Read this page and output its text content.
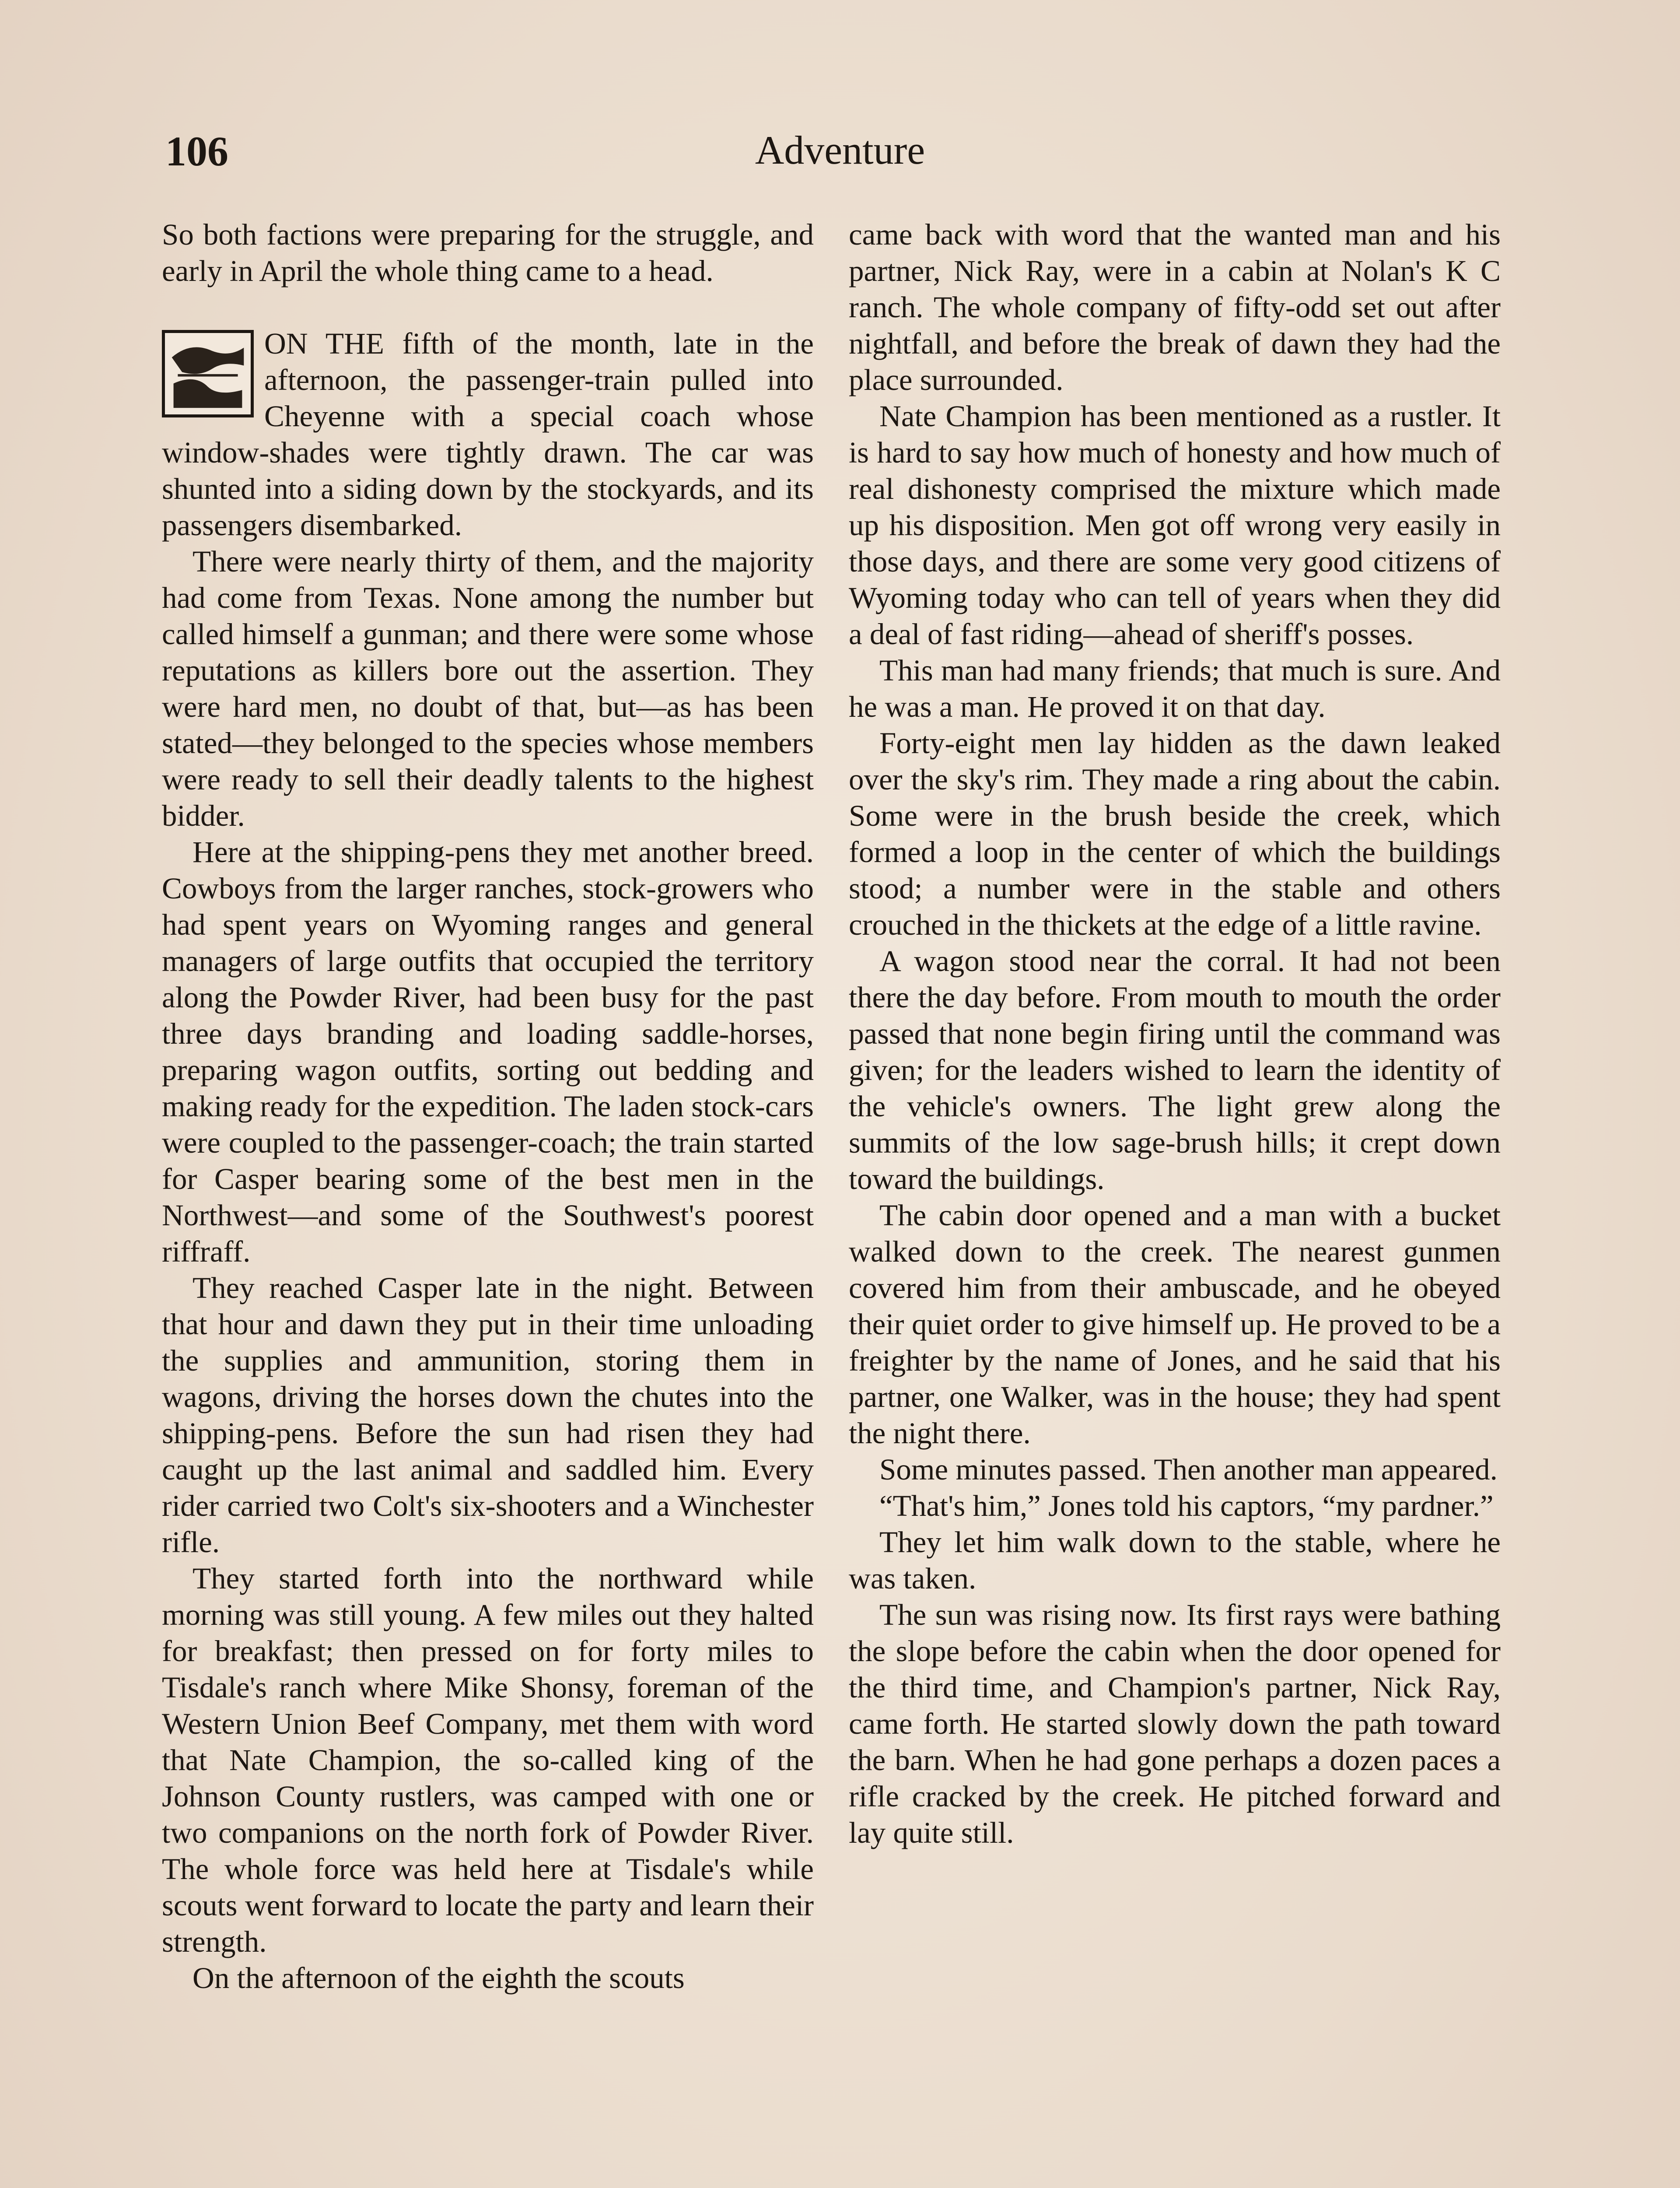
106	Adventure

So both factions were preparing for the struggle, and early in April the whole thing came to a head.

ON THE fifth of the month, late in the afternoon, the passenger-train pulled into Cheyenne with a special coach whose window-shades were tightly drawn. The car was shunted into a siding down by the stockyards, and its passengers disembarked.

There were nearly thirty of them, and the majority had come from Texas. None among the number but called himself a gunman; and there were some whose reputations as killers bore out the assertion. They were hard men, no doubt of that, but—as has been stated—they belonged to the species whose members were ready to sell their deadly talents to the highest bidder.

Here at the shipping-pens they met another breed. Cowboys from the larger ranches, stock-growers who had spent years on Wyoming ranges and general managers of large outfits that occupied the territory along the Powder River, had been busy for the past three days branding and loading saddle-horses, preparing wagon outfits, sorting out bedding and making ready for the expedition. The laden stock-cars were coupled to the passenger-coach; the train started for Casper bearing some of the best men in the Northwest—and some of the Southwest's poorest riffraff.

They reached Casper late in the night. Between that hour and dawn they put in their time unloading the supplies and ammunition, storing them in wagons, driving the horses down the chutes into the shipping-pens. Before the sun had risen they had caught up the last animal and saddled him. Every rider carried two Colt's six-shooters and a Winchester rifle.

They started forth into the northward while morning was still young. A few miles out they halted for breakfast; then pressed on for forty miles to Tisdale's ranch where Mike Shonsy, foreman of the Western Union Beef Company, met them with word that Nate Champion, the so-called king of the Johnson County rustlers, was camped with one or two companions on the north fork of Powder River. The whole force was held here at Tisdale's while scouts went forward to locate the party and learn their strength.

On the afternoon of the eighth the scouts

came back with word that the wanted man and his partner, Nick Ray, were in a cabin at Nolan's K C ranch. The whole company of fifty-odd set out after nightfall, and before the break of dawn they had the place surrounded.

Nate Champion has been mentioned as a rustler. It is hard to say how much of honesty and how much of real dishonesty comprised the mixture which made up his disposition. Men got off wrong very easily in those days, and there are some very good citizens of Wyoming today who can tell of years when they did a deal of fast riding—ahead of sheriff's posses.

This man had many friends; that much is sure. And he was a man. He proved it on that day.

Forty-eight men lay hidden as the dawn leaked over the sky's rim. They made a ring about the cabin. Some were in the brush beside the creek, which formed a loop in the center of which the buildings stood; a number were in the stable and others crouched in the thickets at the edge of a little ravine.

A wagon stood near the corral. It had not been there the day before. From mouth to mouth the order passed that none begin firing until the command was given; for the leaders wished to learn the identity of the vehicle's owners. The light grew along the summits of the low sage-brush hills; it crept down toward the buildings.

The cabin door opened and a man with a bucket walked down to the creek. The nearest gunmen covered him from their ambuscade, and he obeyed their quiet order to give himself up. He proved to be a freighter by the name of Jones, and he said that his partner, one Walker, was in the house; they had spent the night there.

Some minutes passed. Then another man appeared.

“That's him,” Jones told his captors, “my pardner.”

They let him walk down to the stable, where he was taken.

The sun was rising now. Its first rays were bathing the slope before the cabin when the door opened for the third time, and Champion's partner, Nick Ray, came forth. He started slowly down the path toward the barn. When he had gone perhaps a dozen paces a rifle cracked by the creek. He pitched forward and lay quite still.
